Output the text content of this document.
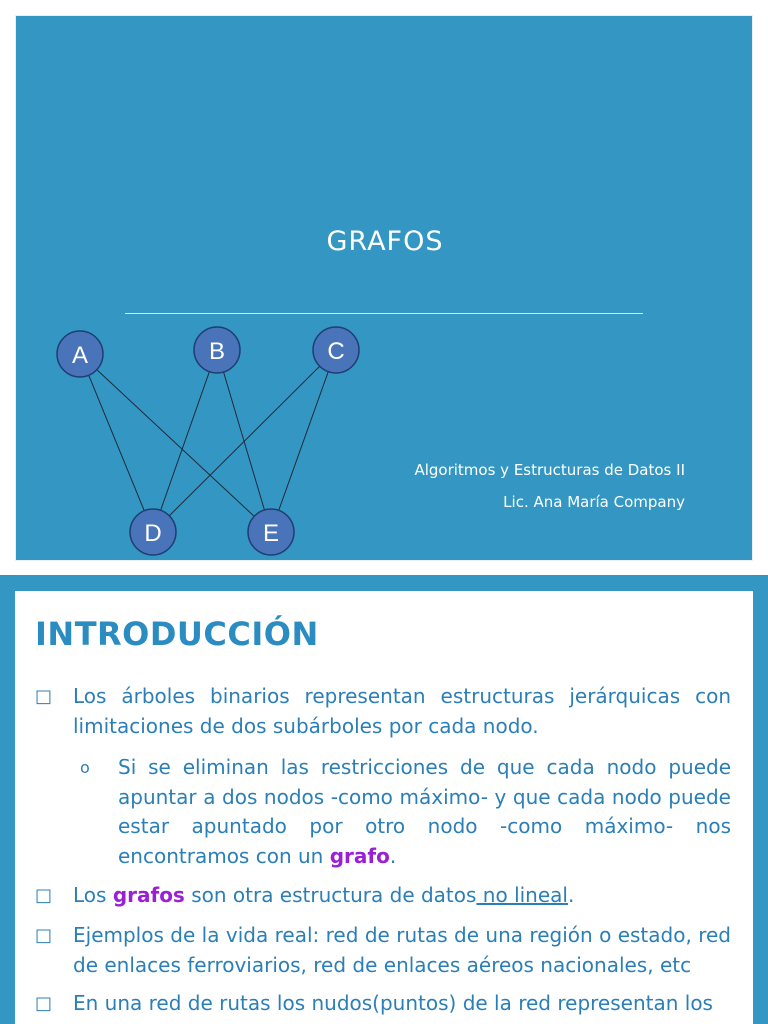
A	B	C
D	E
GRAFOS
Algoritmos y Estructuras de Datos II
Lic. Ana María Company
INTRODUCCIÓN
□ Los árboles binarios representan estructuras jerárquicas con limitaciones de dos subárboles por cada nodo.
o	Si se eliminan las restricciones de que cada nodo puede apuntar a dos nodos -como máximo- y que cada nodo puede estar apuntado por otro nodo -como máximo- nos encontramos con un grafo.
□ Los grafos son otra estructura de datos no lineal.
□ Ejemplos de la vida real: red de rutas de una región o estado, red de enlaces ferroviarios, red de enlaces aéreos nacionales, etc
□ En una red de rutas los nudos(puntos) de la red representan los
